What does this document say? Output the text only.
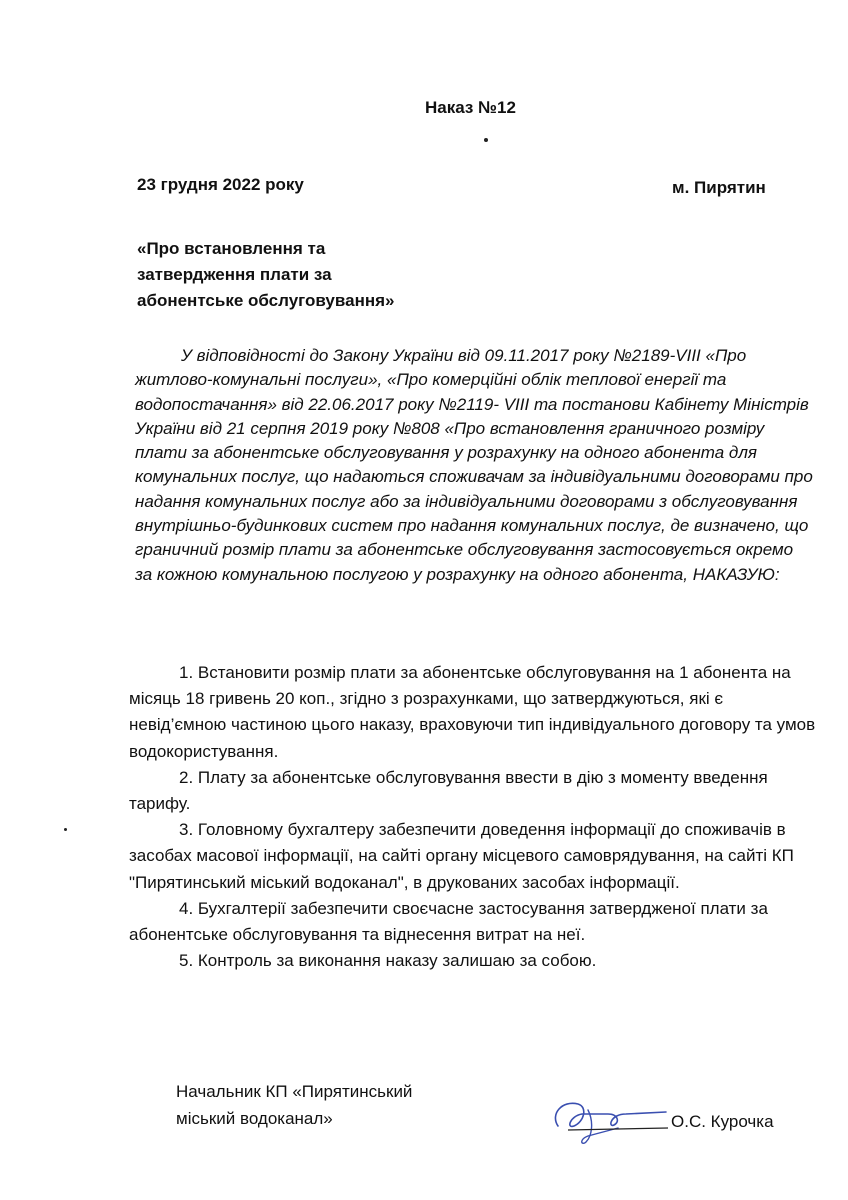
Наказ №12
23 грудня 2022 року	м. Пирятин
«Про встановлення та
затвердження плати за
абонентське обслуговування»
У відповідності до Закону України від 09.11.2017 року №2189-VIII «Про житлово-комунальні послуги», «Про комерційні облік теплової енергії та водопостачання» від 22.06.2017 року №2119- VIII та постанови Кабінету Міністрів України від 21 серпня 2019 року №808 «Про встановлення граничного розміру плати за абонентське обслуговування у розрахунку на одного абонента для комунальних послуг, що надаються споживачам за індивідуальними договорами про надання комунальних послуг або за індивідуальними договорами з обслуговування внутрішньо-будинкових систем про надання комунальних послуг, де визначено, що граничний розмір плати за абонентське обслуговування застосовується окремо за кожною комунальною послугою у розрахунку на одного абонента, НАКАЗУЮ:

1. Встановити розмір плати за абонентське обслуговування на 1 абонента на місяць 18 гривень 20 коп., згідно з розрахунками, що затверджуються, які є невід’ємною частиною цього наказу, враховуючи тип індивідуального договору та умов водокористування.

2. Плату за абонентське обслуговування ввести в дію з моменту введення тарифу.

3. Головному бухгалтеру забезпечити доведення інформації до споживачів в засобах масової інформації, на сайті органу місцевого самоврядування, на сайті КП "Пирятинський міський водоканал", в друкованих засобах інформації.

4. Бухгалтерії забезпечити своєчасне застосування затвердженої плати за абонентське обслуговування та віднесення витрат на неї.

5. Контроль за виконання наказу залишаю за собою.

Начальник КП «Пирятинський
міський водоканал»	О.С. Курочка
